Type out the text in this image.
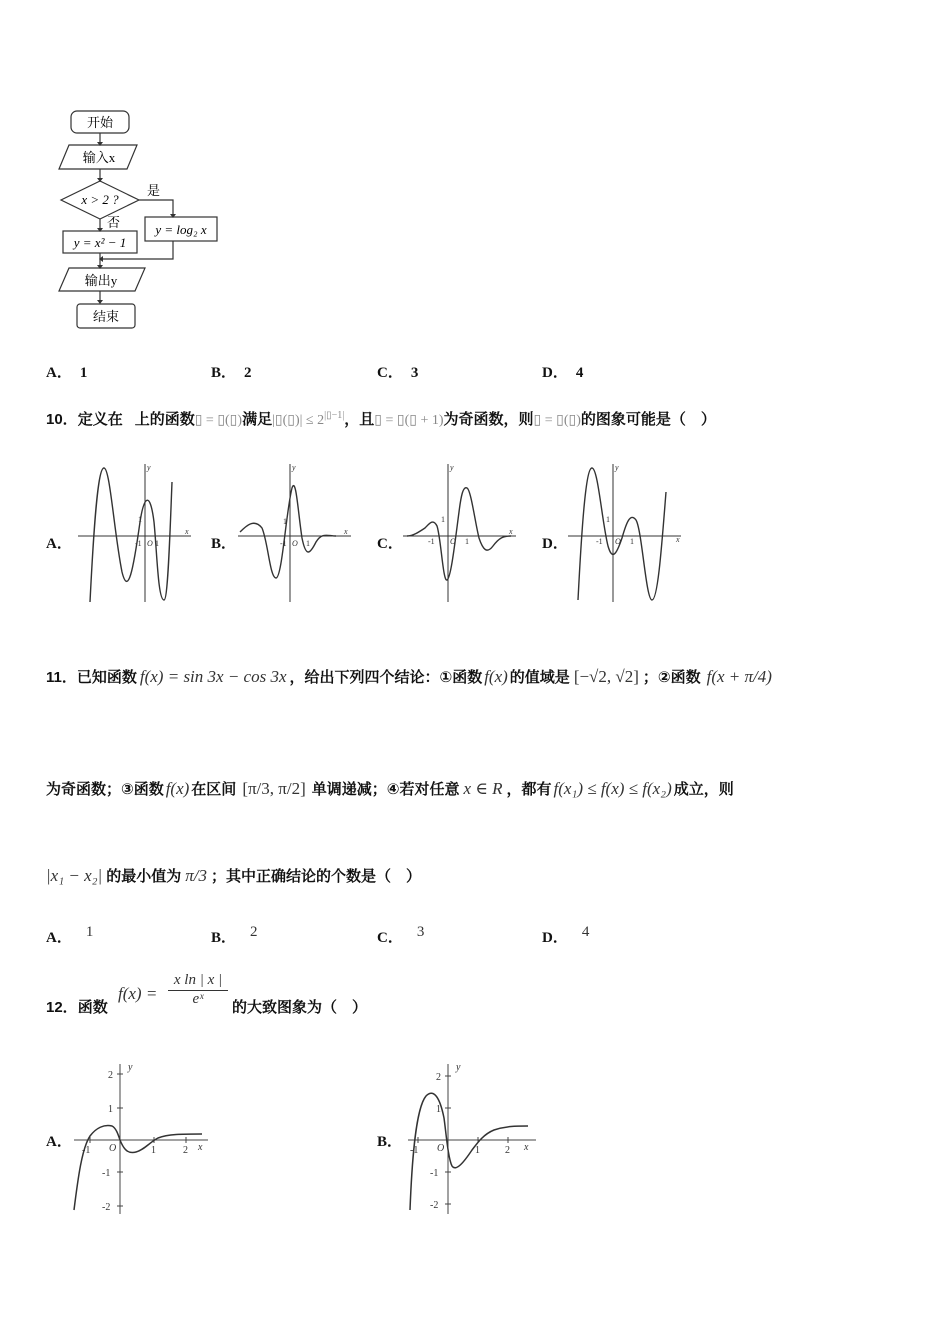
开始
输入x
x > 2 ?
是
否
y = x² − 1
y = log₂ x
输出y
结束
A． 1	B． 2	C． 3	D． 4
10．定义在 上的函数▯ = ▯(▯)满足|▯(▯)| ≤ $2^{|▯-1|}$，且▯ = ▯(▯ + 1)为奇函数，则▯ = ▯(▯)的图象可能是（　）
A．	B．	C．	D．
-1 O 1
1
x
y
-1 O 1
1
x
y
-1 O 1
1
x
y
-1 O 1
1
x
y
11．已知函数 f(x) = sin 3x − cos 3x ，给出下列四个结论：①函数 f(x) 的值域是 [−√2, √2] ；②函数 f(x + π/4)
为奇函数；③函数 f(x) 在区间 [π/3, π/2] 单调递减；④若对任意 x ∈ R ，都有 f(x₁) ≤ f(x) ≤ f(x₂) 成立，则
|x₁ − x₂| 的最小值为 π/3 ；其中正确结论的个数是（　）
A． $^1$	B． $^2$	C． $^3$	D． $^4$
12．函数
$f(x) = \frac{\text{x ln | x |}}{\text{eˣ}}$ 的大致图象为（　）
A．	B．
2
1
-1
-2
-1	1	2
O	x
y
2
1
-1
-2
-1	1	2
O	x
y
